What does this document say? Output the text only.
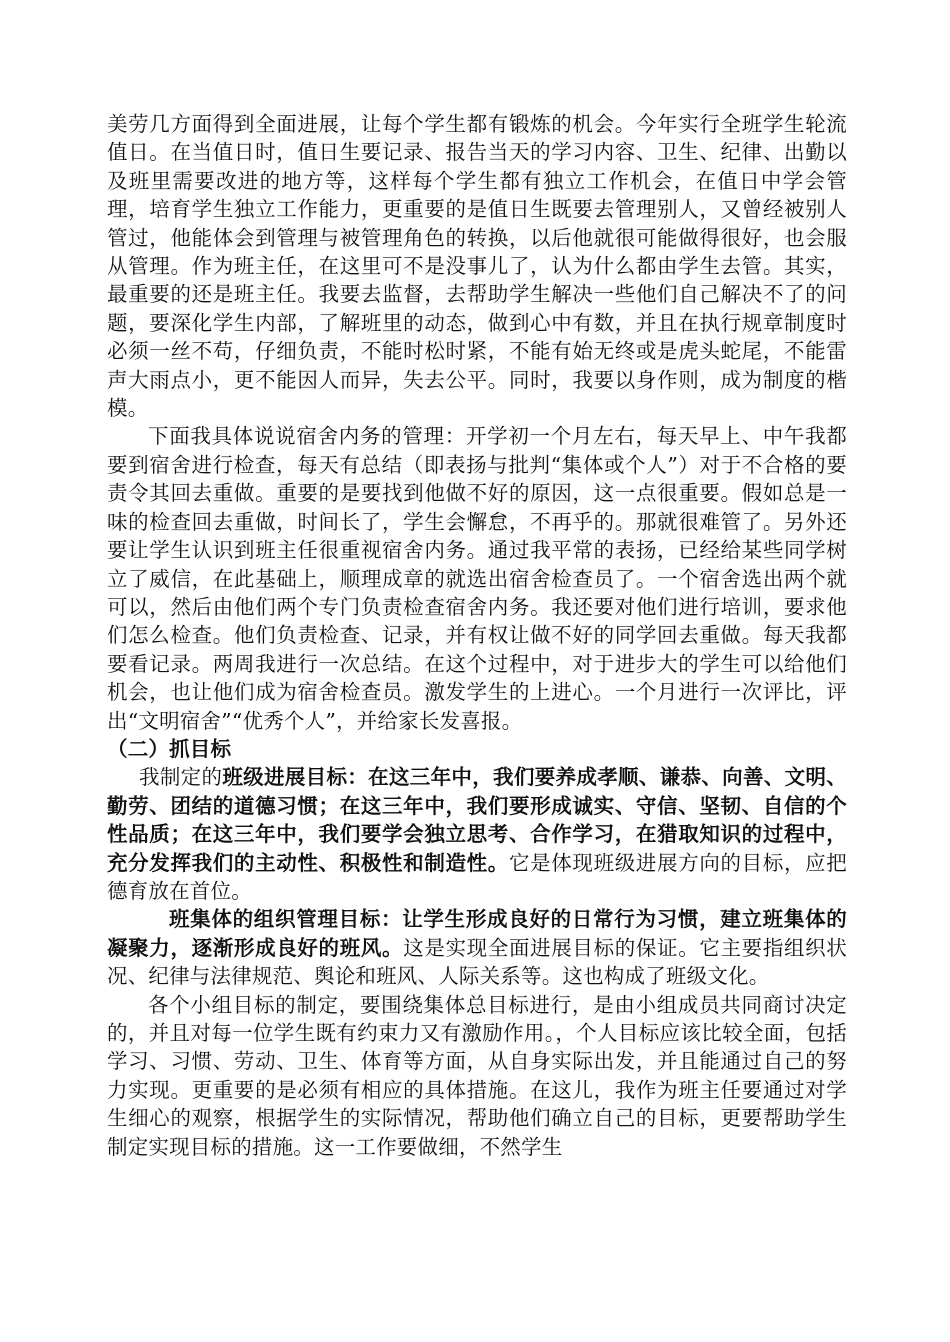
美劳几方面得到全面进展，让每个学生都有锻炼的机会。今年实行全班学生轮流值日。在当值日时，值日生要记录、报告当天的学习内容、卫生、纪律、出勤以及班里需要改进的地方等，这样每个学生都有独立工作机会，在值日中学会管理，培育学生独立工作能力，更重要的是值日生既要去管理别人，又曾经被别人管过，他能体会到管理与被管理角色的转换，以后他就很可能做得很好，也会服从管理。作为班主任，在这里可不是没事儿了，认为什么都由学生去管。其实，最重要的还是班主任。我要去监督，去帮助学生解决一些他们自己解决不了的问题，要深化学生内部，了解班里的动态，做到心中有数，并且在执行规章制度时必须一丝不苟，仔细负责，不能时松时紧，不能有始无终或是虎头蛇尾，不能雷声大雨点小，更不能因人而异，失去公平。同时，我要以身作则，成为制度的楷模。

下面我具体说说宿舍内务的管理：开学初一个月左右，每天早上、中午我都要到宿舍进行检查，每天有总结（即表扬与批判“集体或个人”）对于不合格的要责令其回去重做。重要的是要找到他做不好的原因，这一点很重要。假如总是一味的检查回去重做，时间长了，学生会懈怠，不再乎的。那就很难管了。另外还要让学生认识到班主任很重视宿舍内务。通过我平常的表扬，已经给某些同学树立了威信，在此基础上，顺理成章的就选出宿舍检查员了。一个宿舍选出两个就可以，然后由他们两个专门负责检查宿舍内务。我还要对他们进行培训，要求他们怎么检查。他们负责检查、记录，并有权让做不好的同学回去重做。每天我都要看记录。两周我进行一次总结。在这个过程中，对于进步大的学生可以给他们机会，也让他们成为宿舍检查员。激发学生的上进心。一个月进行一次评比，评出“文明宿舍”“优秀个人”，并给家长发喜报。

（二）抓目标

我制定的班级进展目标：在这三年中，我们要养成孝顺、谦恭、向善、文明、勤劳、团结的道德习惯；在这三年中，我们要形成诚实、守信、坚韧、自信的个性品质；在这三年中，我们要学会独立思考、合作学习，在猎取知识的过程中，充分发挥我们的主动性、积极性和制造性。它是体现班级进展方向的目标，应把德育放在首位。

班集体的组织管理目标：让学生形成良好的日常行为习惯，建立班集体的凝聚力，逐渐形成良好的班风。这是实现全面进展目标的保证。它主要指组织状况、纪律与法律规范、舆论和班风、人际关系等。这也构成了班级文化。

各个小组目标的制定，要围绕集体总目标进行，是由小组成员共同商讨决定的，并且对每一位学生既有约束力又有激励作用。，个人目标应该比较全面，包括学习、习惯、劳动、卫生、体育等方面，从自身实际出发，并且能通过自己的努力实现。更重要的是必须有相应的具体措施。在这儿，我作为班主任要通过对学生细心的观察，根据学生的实际情况，帮助他们确立自己的目标，更要帮助学生制定实现目标的措施。这一工作要做细，不然学生
